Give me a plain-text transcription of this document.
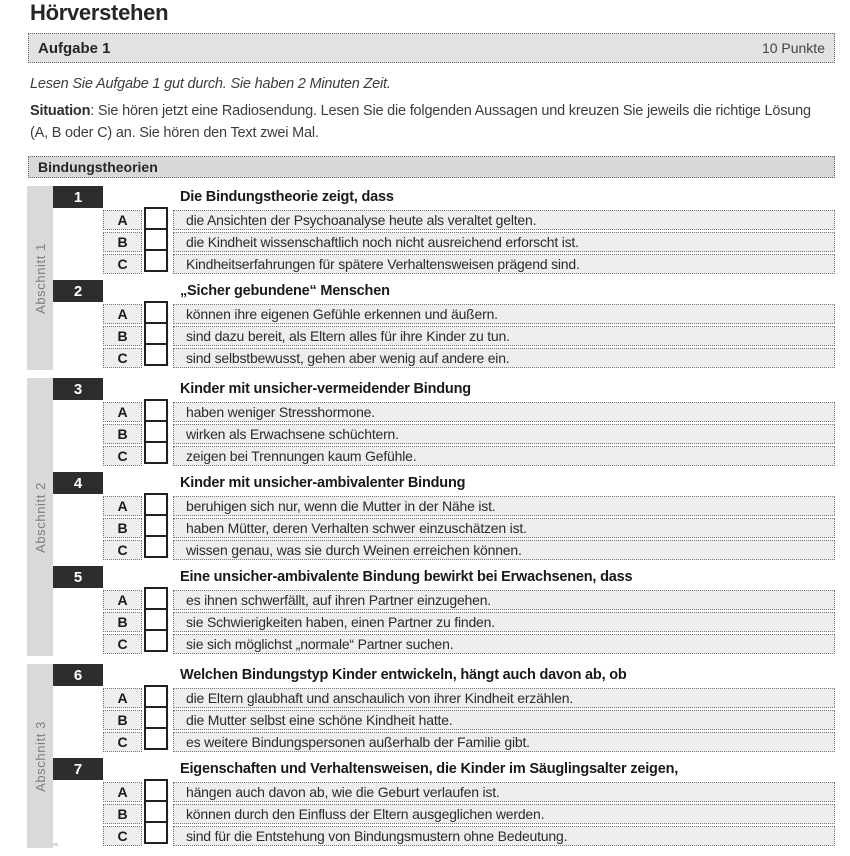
Hörverstehen
Aufgabe 1	10 Punkte

Lesen Sie Aufgabe 1 gut durch. Sie haben 2 Minuten Zeit.

Situation: Sie hören jetzt eine Radiosendung. Lesen Sie die folgenden Aussagen und kreuzen Sie jeweils die richtige Lösung (A, B oder C) an. Sie hören den Text zwei Mal.

Bindungstheorien
Abschnitt 1
1	Die Bindungstheorie zeigt, dass
A	die Ansichten der Psychoanalyse heute als veraltet gelten.
B	die Kindheit wissenschaftlich noch nicht ausreichend erforscht ist.
C	Kindheitserfahrungen für spätere Verhaltensweisen prägend sind.
2	„Sicher gebundene“ Menschen
A	können ihre eigenen Gefühle erkennen und äußern.
B	sind dazu bereit, als Eltern alles für ihre Kinder zu tun.
C	sind selbstbewusst, gehen aber wenig auf andere ein.
Abschnitt 2
3	Kinder mit unsicher-vermeidender Bindung
A	haben weniger Stresshormone.
B	wirken als Erwachsene schüchtern.
C	zeigen bei Trennungen kaum Gefühle.
4	Kinder mit unsicher-ambivalenter Bindung
A	beruhigen sich nur, wenn die Mutter in der Nähe ist.
B	haben Mütter, deren Verhalten schwer einzuschätzen ist.
C	wissen genau, was sie durch Weinen erreichen können.
5	Eine unsicher-ambivalente Bindung bewirkt bei Erwachsenen, dass
A	es ihnen schwerfällt, auf ihren Partner einzugehen.
B	sie Schwierigkeiten haben, einen Partner zu finden.
C	sie sich möglichst „normale“ Partner suchen.
Abschnitt 3
6	Welchen Bindungstyp Kinder entwickeln, hängt auch davon ab, ob
A	die Eltern glaubhaft und anschaulich von ihrer Kindheit erzählen.
B	die Mutter selbst eine schöne Kindheit hatte.
C	es weitere Bindungspersonen außerhalb der Familie gibt.
7	Eigenschaften und Verhaltensweisen, die Kinder im Säuglingsalter zeigen,
A	hängen auch davon ab, wie die Geburt verlaufen ist.
B	können durch den Einfluss der Eltern ausgeglichen werden.
C	sind für die Entstehung von Bindungsmustern ohne Bedeutung.
